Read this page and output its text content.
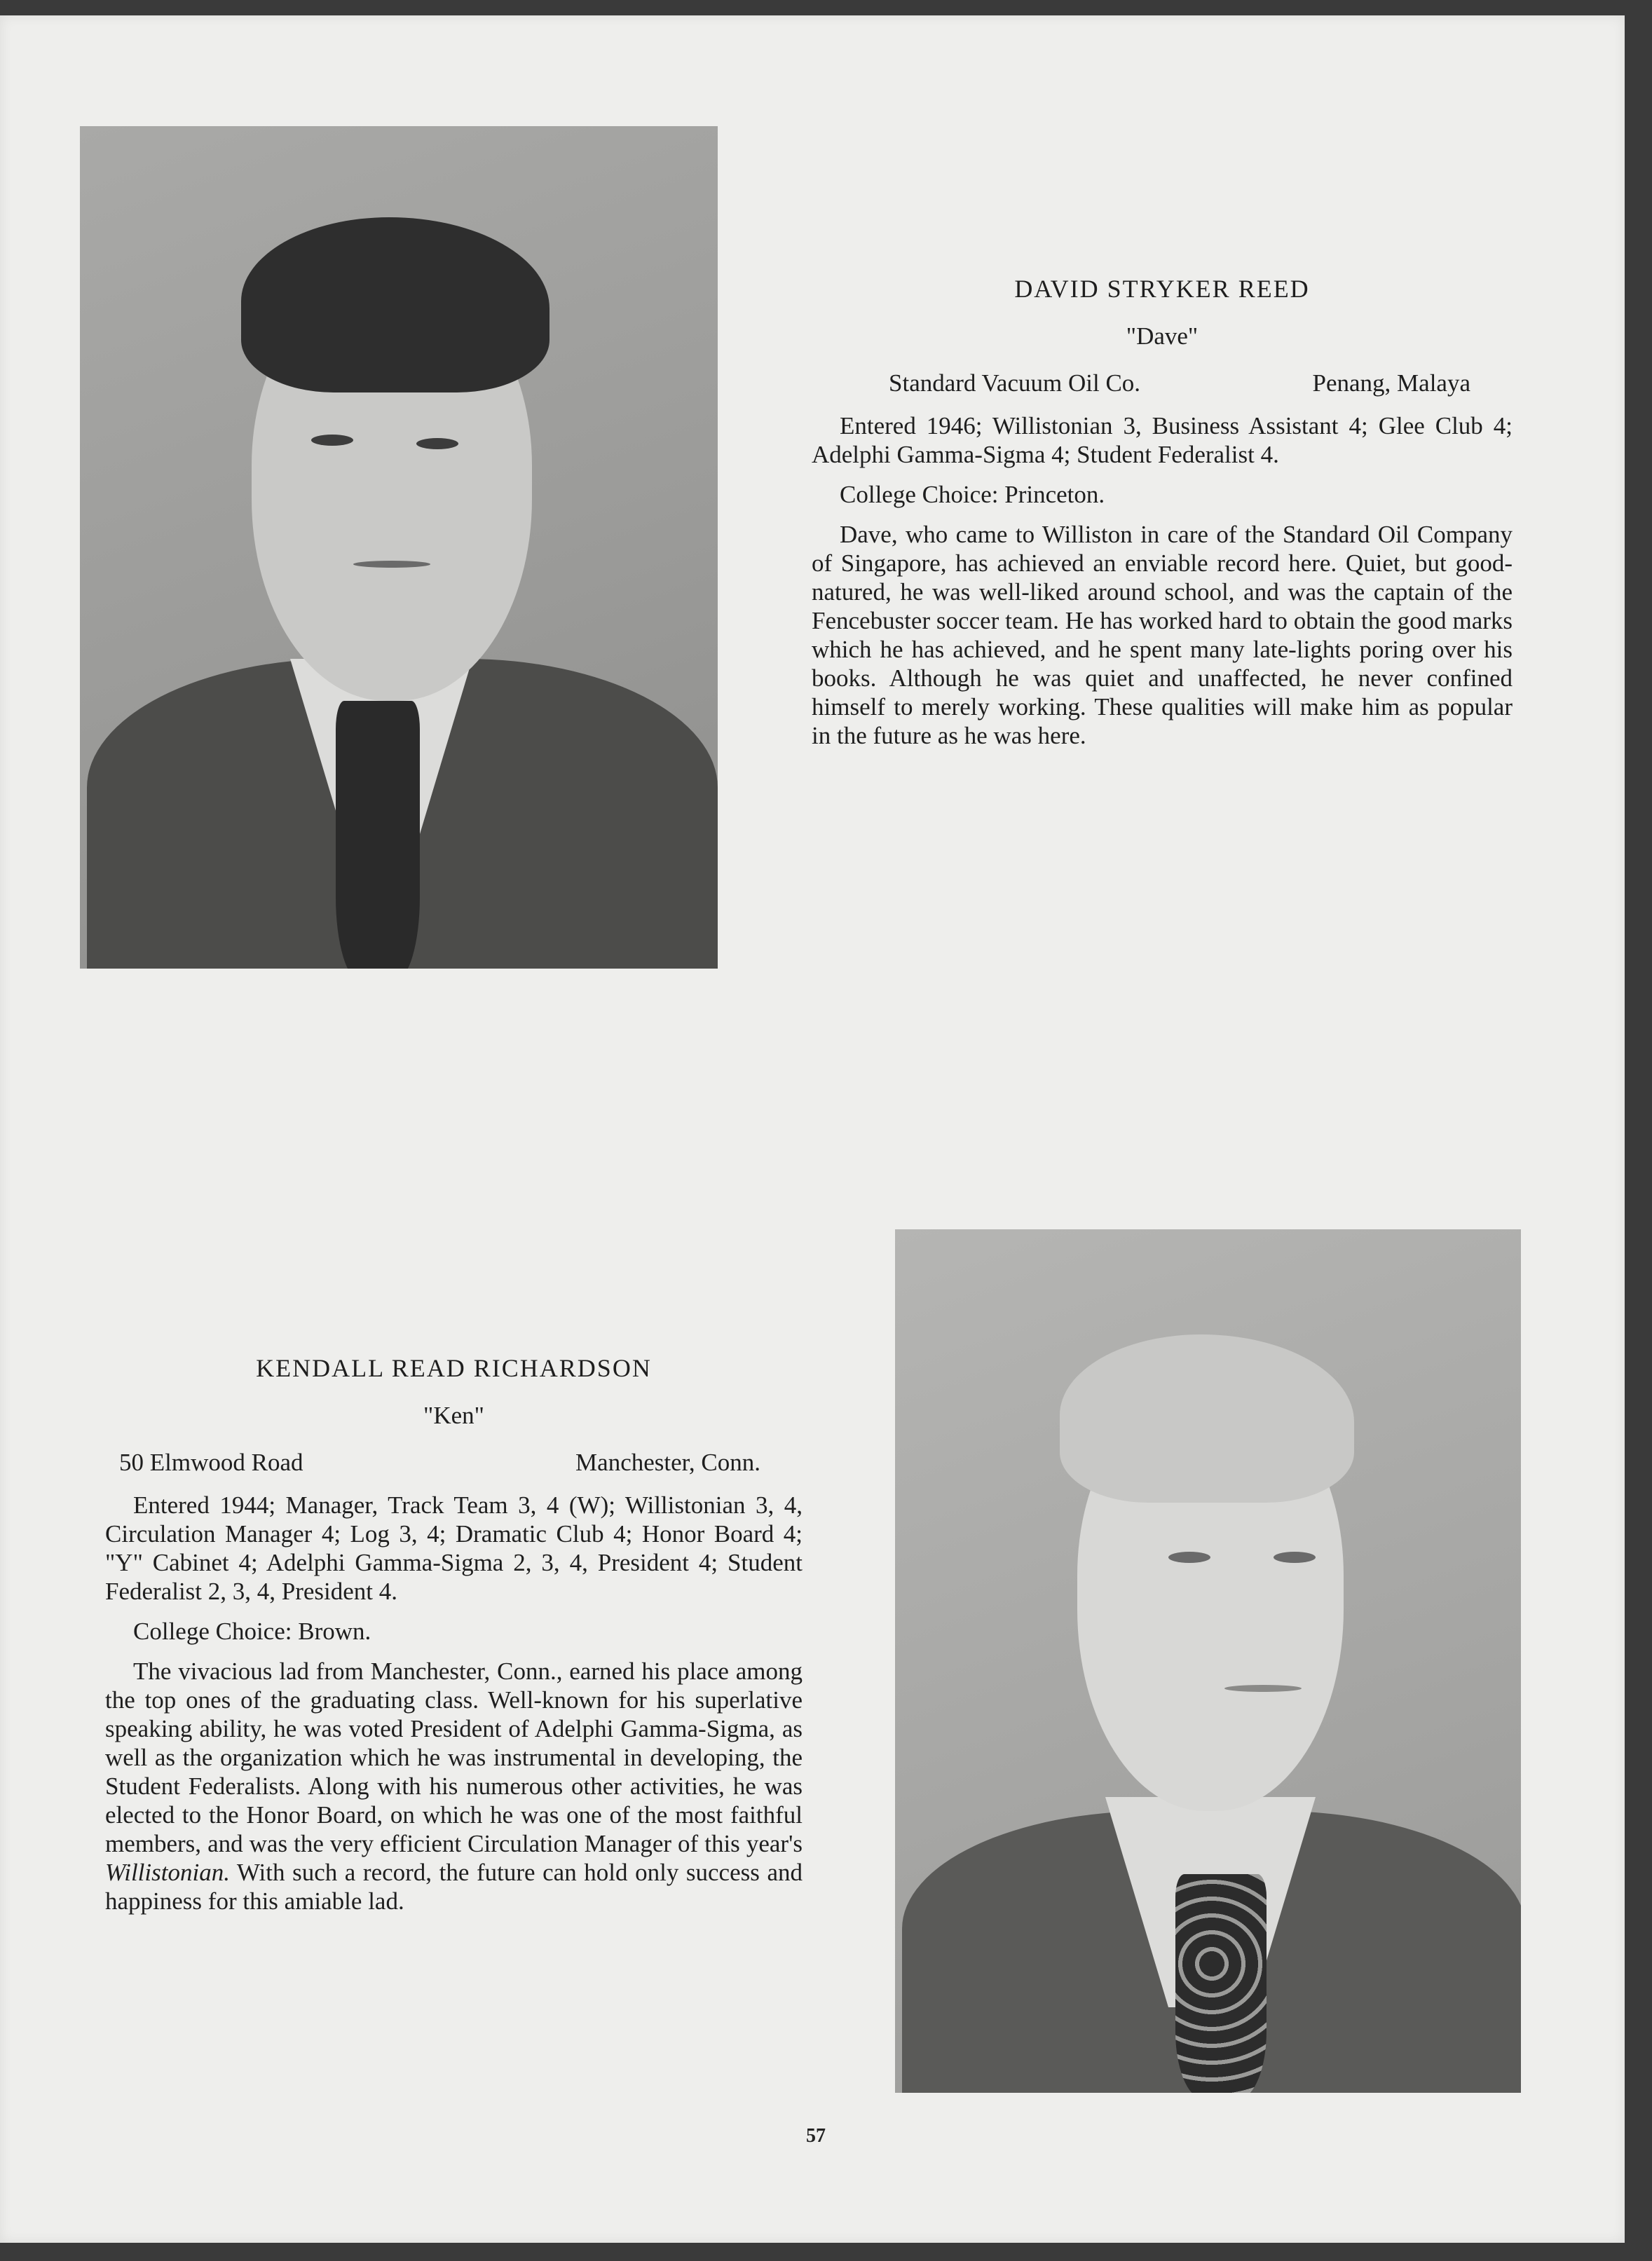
DAVID STRYKER REED
"Dave"
Standard Vacuum Oil Co.	Penang, Malaya

Entered 1946; Willistonian 3, Business Assistant 4; Glee Club 4; Adelphi Gamma-Sigma 4; Student Federalist 4.

College Choice: Princeton.

Dave, who came to Williston in care of the Standard Oil Company of Singapore, has achieved an enviable record here. Quiet, but good-natured, he was well-liked around school, and was the captain of the Fencebuster soccer team. He has worked hard to obtain the good marks which he has achieved, and he spent many late-lights poring over his books. Although he was quiet and unaffected, he never confined himself to merely working. These qualities will make him as popular in the future as he was here.

KENDALL READ RICHARDSON
"Ken"
50 Elmwood Road	Manchester, Conn.

Entered 1944; Manager, Track Team 3, 4 (W); Willistonian 3, 4, Circulation Manager 4; Log 3, 4; Dramatic Club 4; Honor Board 4; "Y" Cabinet 4; Adelphi Gamma-Sigma 2, 3, 4, President 4; Student Federalist 2, 3, 4, President 4.

College Choice: Brown.

The vivacious lad from Manchester, Conn., earned his place among the top ones of the graduating class. Well-known for his superlative speaking ability, he was voted President of Adelphi Gamma-Sigma, as well as the organization which he was instrumental in developing, the Student Federalists. Along with his numerous other activities, he was elected to the Honor Board, on which he was one of the most faithful members, and was the very efficient Circulation Manager of this year's Willistonian. With such a record, the future can hold only success and happiness for this amiable lad.

57
